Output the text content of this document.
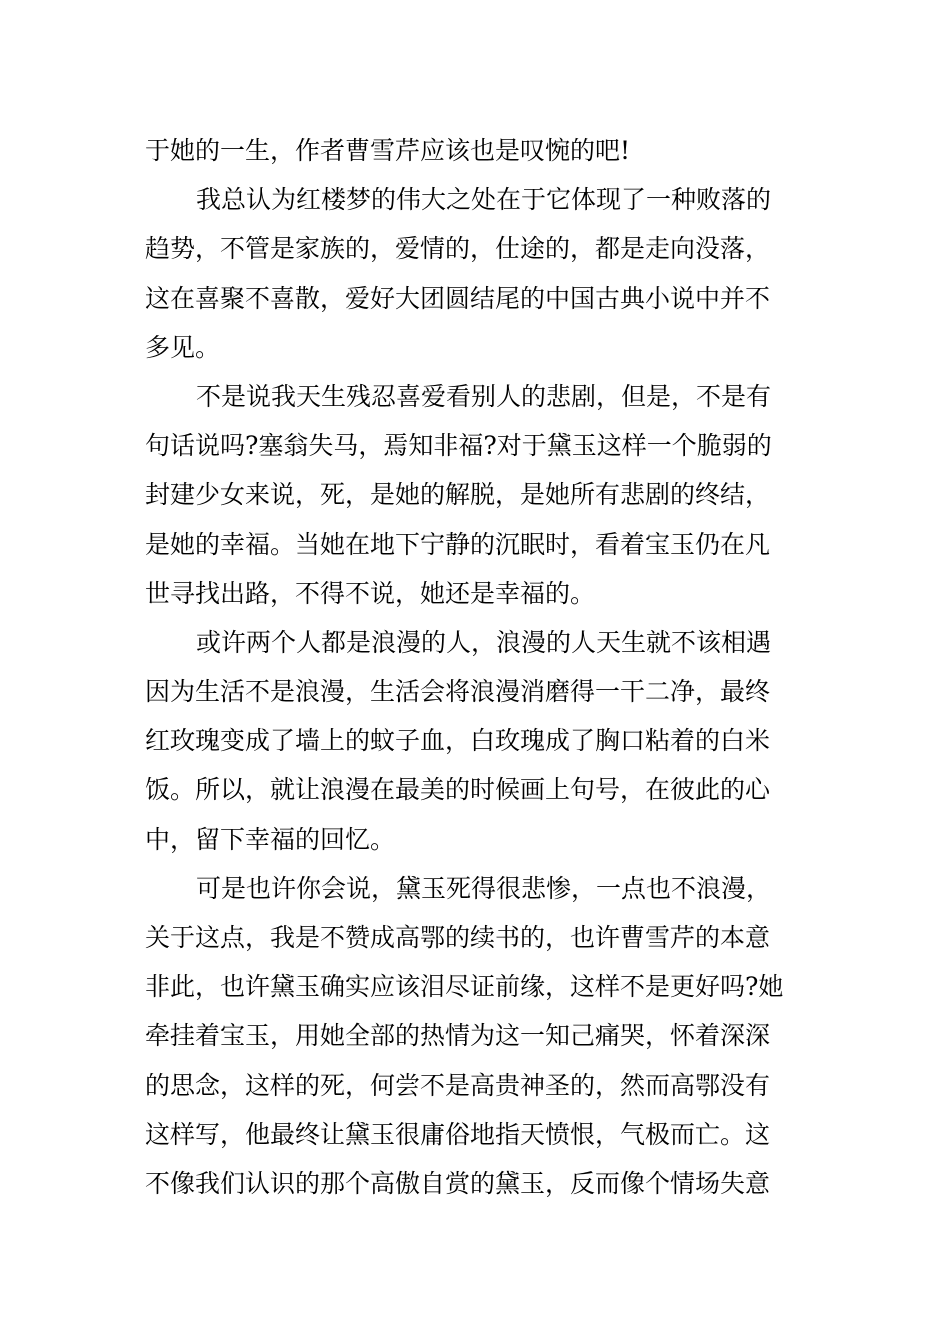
于她的一生，作者曹雪芹应该也是叹惋的吧!
我总认为红楼梦的伟大之处在于它体现了一种败落的
趋势，不管是家族的，爱情的，仕途的，都是走向没落，
这在喜聚不喜散，爱好大团圆结尾的中国古典小说中并不
多见。
不是说我天生残忍喜爱看别人的悲剧，但是，不是有
句话说吗?塞翁失马，焉知非福?对于黛玉这样一个脆弱的
封建少女来说，死，是她的解脱，是她所有悲剧的终结，
是她的幸福。当她在地下宁静的沉眠时，看着宝玉仍在凡
世寻找出路，不得不说，她还是幸福的。
或许两个人都是浪漫的人，浪漫的人天生就不该相遇
因为生活不是浪漫，生活会将浪漫消磨得一干二净，最终
红玫瑰变成了墙上的蚊子血，白玫瑰成了胸口粘着的白米
饭。所以，就让浪漫在最美的时候画上句号，在彼此的心
中，留下幸福的回忆。
可是也许你会说，黛玉死得很悲惨，一点也不浪漫，
关于这点，我是不赞成高鄂的续书的，也许曹雪芹的本意
非此，也许黛玉确实应该泪尽证前缘，这样不是更好吗?她
牵挂着宝玉，用她全部的热情为这一知己痛哭，怀着深深
的思念，这样的死，何尝不是高贵神圣的，然而高鄂没有
这样写，他最终让黛玉很庸俗地指天愤恨，气极而亡。这
不像我们认识的那个高傲自赏的黛玉，反而像个情场失意
